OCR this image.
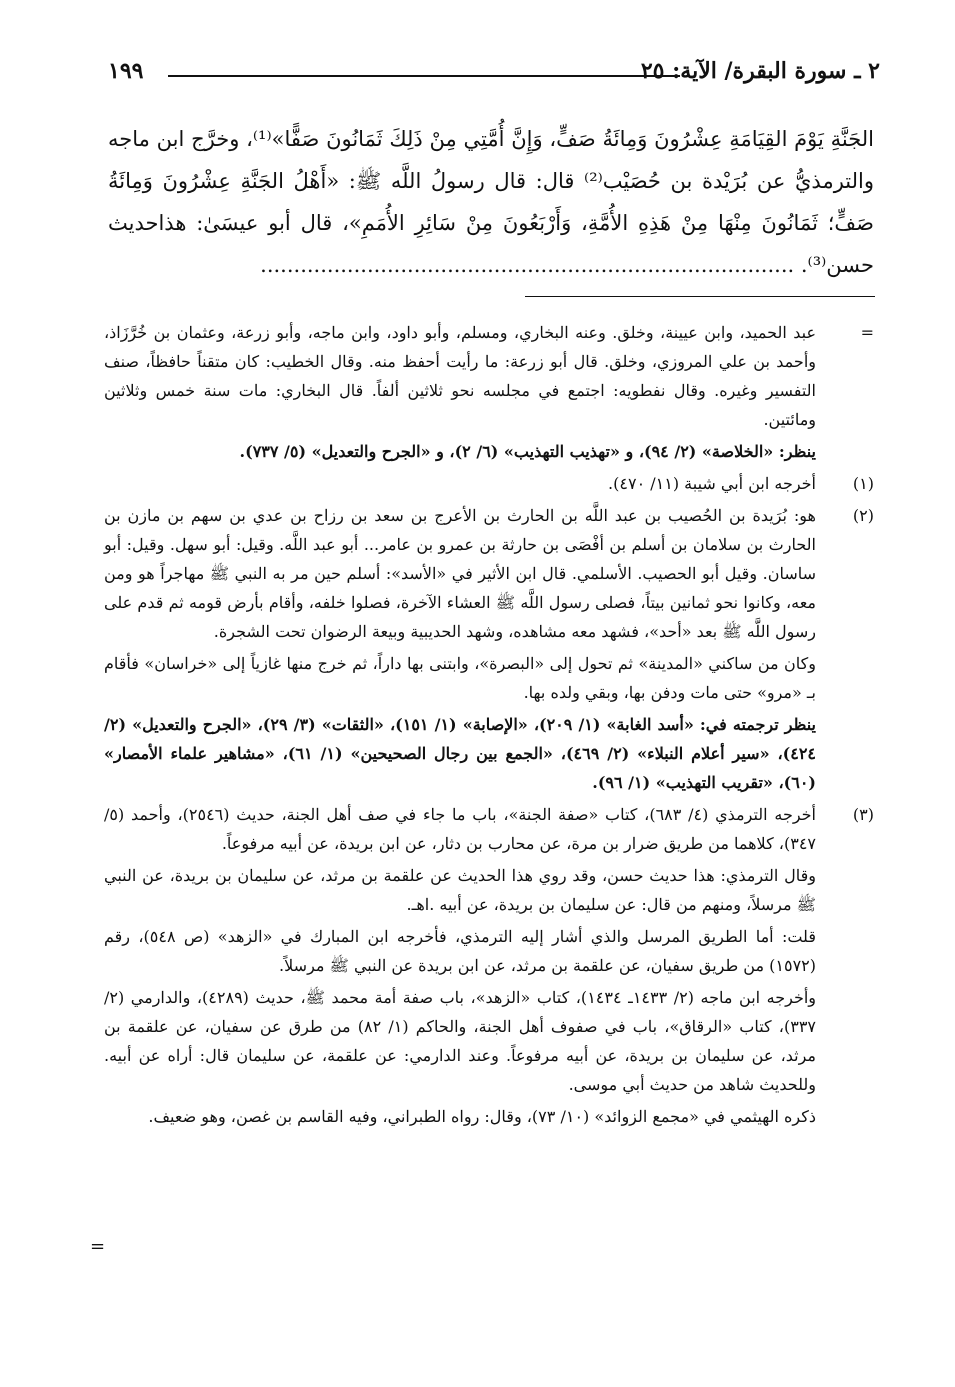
٢ ـ سورة البقرة/ الآية: ٢٥
١٩٩

الجَنَّةِ يَوْمَ القِيَامَةِ عِشْرُونَ وَمِائَةُ صَفٍّ، وَإِنَّ أُمَّتِي مِنْ ذَلِكَ ثَمَانُونَ صَفًّا»⁽¹⁾، وخرَّج ابن ماجه والترمذيُّ عن بُرَيْدة بن حُصَيْب⁽²⁾ قال: قال رسولُ اللَّه ﷺ: «أَهْلُ الجَنَّةِ عِشْرُونَ وَمِائَةُ صَفٍّ؛ ثَمَانُونَ مِنْهَا مِنْ هَذِهِ الأُمَّةِ، وَأَرْبَعُونَ مِنْ سَائِرِ الأُمَمِ»، قال أبو عيسَىٰ: هذاحديث حسن⁽³⁾. ................................................................................

=

عبد الحميد، وابن عيينة، وخلق. وعنه البخاري، ومسلم، وأبو داود، وابن ماجه، وأبو زرعة، وعثمان بن خُرَّزَاذ، وأحمد بن علي المروزي، وخلق. قال أبو زرعة: ما رأيت أحفظ منه. وقال الخطيب: كان متقناً حافظاً، صنف التفسير وغيره. وقال نفطويه: اجتمع في مجلسه نحو ثلاثين ألفاً. قال البخاري: مات سنة خمس وثلاثين ومائتين.

ينظر: «الخلاصة» (٢/ ٩٤)، و «تهذيب التهذيب» (٦/ ٢)، و «الجرح والتعديل» (٥/ ٧٣٧).

(١)

أخرجه ابن أبي شيبة (١١/ ٤٧٠).

(٢)

هو: بُرَيدة بن الحُصيب بن عبد اللَّه بن الحارث بن الأعرج بن سعد بن رزاح بن عدي بن سهم بن مازن بن الحارث بن سلامان بن أسلم بن أفْصَى بن حارثة بن عمرو بن عامر... أبو عبد اللَّه. وقيل: أبو سهل. وقيل: أبو ساسان. وقيل أبو الحصيب. الأسلمي. قال ابن الأثير في «الأسد»: أسلم حين مر به النبي ﷺ مهاجراً هو ومن معه، وكانوا نحو ثمانين بيتاً، فصلى رسول اللَّه ﷺ العشاء الآخرة، فصلوا خلفه، وأقام بأرض قومه ثم قدم على رسول اللَّه ﷺ بعد «أحد»، فشهد معه مشاهده، وشهد الحديبية وبيعة الرضوان تحت الشجرة.

وكان من ساكني «المدينة» ثم تحول إلى «البصرة»، وابتنى بها داراً، ثم خرج منها غازياً إلى «خراسان» فأقام بـ «مرو» حتى مات ودفن بها، وبقي ولده بها.

ينظر ترجمته في: «أسد الغابة» (١/ ٢٠٩)، «الإصابة» (١/ ١٥١)، «الثقات» (٣/ ٢٩)، «الجرح والتعديل» (٢/ ٤٢٤)، «سير أعلام النبلاء» (٢/ ٤٦٩)، «الجمع بين رجال الصحيحين» (١/ ٦١)، «مشاهير علماء الأمصار» (٦٠)، «تقريب التهذيب» (١/ ٩٦).

(٣)

أخرجه الترمذي (٤/ ٦٨٣)، كتاب «صفة الجنة»، باب ما جاء في صف أهل الجنة، حديث (٢٥٤٦)، وأحمد (٥/ ٣٤٧)، كلاهما من طريق ضرار بن مرة، عن محارب بن دثار، عن ابن بريدة، عن أبيه مرفوعاً.

وقال الترمذي: هذا حديث حسن، وقد روي هذا الحديث عن علقمة بن مرثد، عن سليمان بن بريدة، عن النبي ﷺ مرسلاً، ومنهم من قال: عن سليمان بن بريدة، عن أبيه .اهـ.

قلت: أما الطريق المرسل والذي أشار إليه الترمذي، فأخرجه ابن المبارك في «الزهد» (ص ٥٤٨)، رقم (١٥٧٢) من طريق سفيان، عن علقمة بن مرثد، عن ابن بريدة عن النبي ﷺ مرسلاً.

وأخرجه ابن ماجه (٢/ ١٤٣٣ـ ١٤٣٤)، كتاب «الزهد»، باب صفة أمة محمد ﷺ، حديث (٤٢٨٩)، والدارمي (٢/ ٣٣٧)، كتاب «الرقاق»، باب في صفوف أهل الجنة، والحاكم (١/ ٨٢) من طرق عن سفيان، عن علقمة بن مرثد، عن سليمان بن بريدة، عن أبيه مرفوعاً. وعند الدارمي: عن علقمة، عن سليمان قال: أراه عن أبيه. وللحديث شاهد من حديث أبي موسى.

ذكره الهيثمي في «مجمع الزوائد» (١٠/ ٧٣)، وقال: رواه الطبراني، وفيه القاسم بن غصن، وهو ضعيف.

=
